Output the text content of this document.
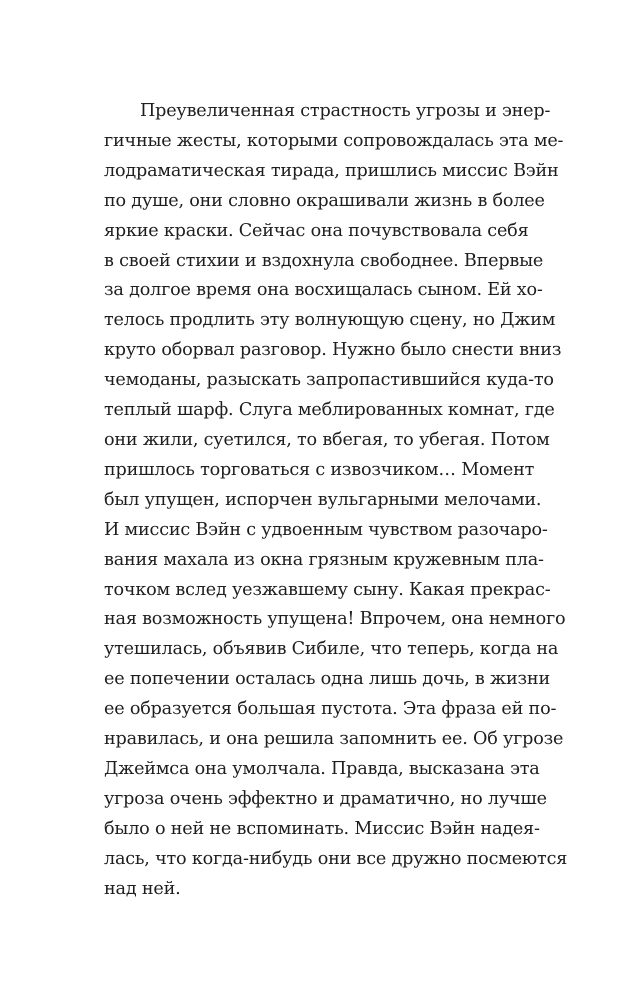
Преувеличенная страстность угрозы и энер-
гичные жесты, которыми сопровождалась эта ме-
лодраматическая тирада, пришлись миссис Вэйн
по душе, они словно окрашивали жизнь в более
яркие краски. Сейчас она почувствовала себя
в своей стихии и вздохнула свободнее. Впервые
за долгое время она восхищалась сыном. Ей хо-
телось продлить эту волнующую сцену, но Джим
круто оборвал разговор. Нужно было снести вниз
чемоданы, разыскать запропастившийся куда-то
теплый шарф. Слуга меблированных комнат, где
они жили, суетился, то вбегая, то убегая. Потом
пришлось торговаться с извозчиком… Момент
был упущен, испорчен вульгарными мелочами.
И миссис Вэйн с удвоенным чувством разочаро-
вания махала из окна грязным кружевным пла-
точком вслед уезжавшему сыну. Какая прекрас-
ная возможность упущена! Впрочем, она немного
утешилась, объявив Сибиле, что теперь, когда на
ее попечении осталась одна лишь дочь, в жизни
ее образуется большая пустота. Эта фраза ей по-
нравилась, и она решила запомнить ее. Об угрозе
Джеймса она умолчала. Правда, высказана эта
угроза очень эффектно и драматично, но лучше
было о ней не вспоминать. Миссис Вэйн надея-
лась, что когда-нибудь они все дружно посмеются
над ней.
